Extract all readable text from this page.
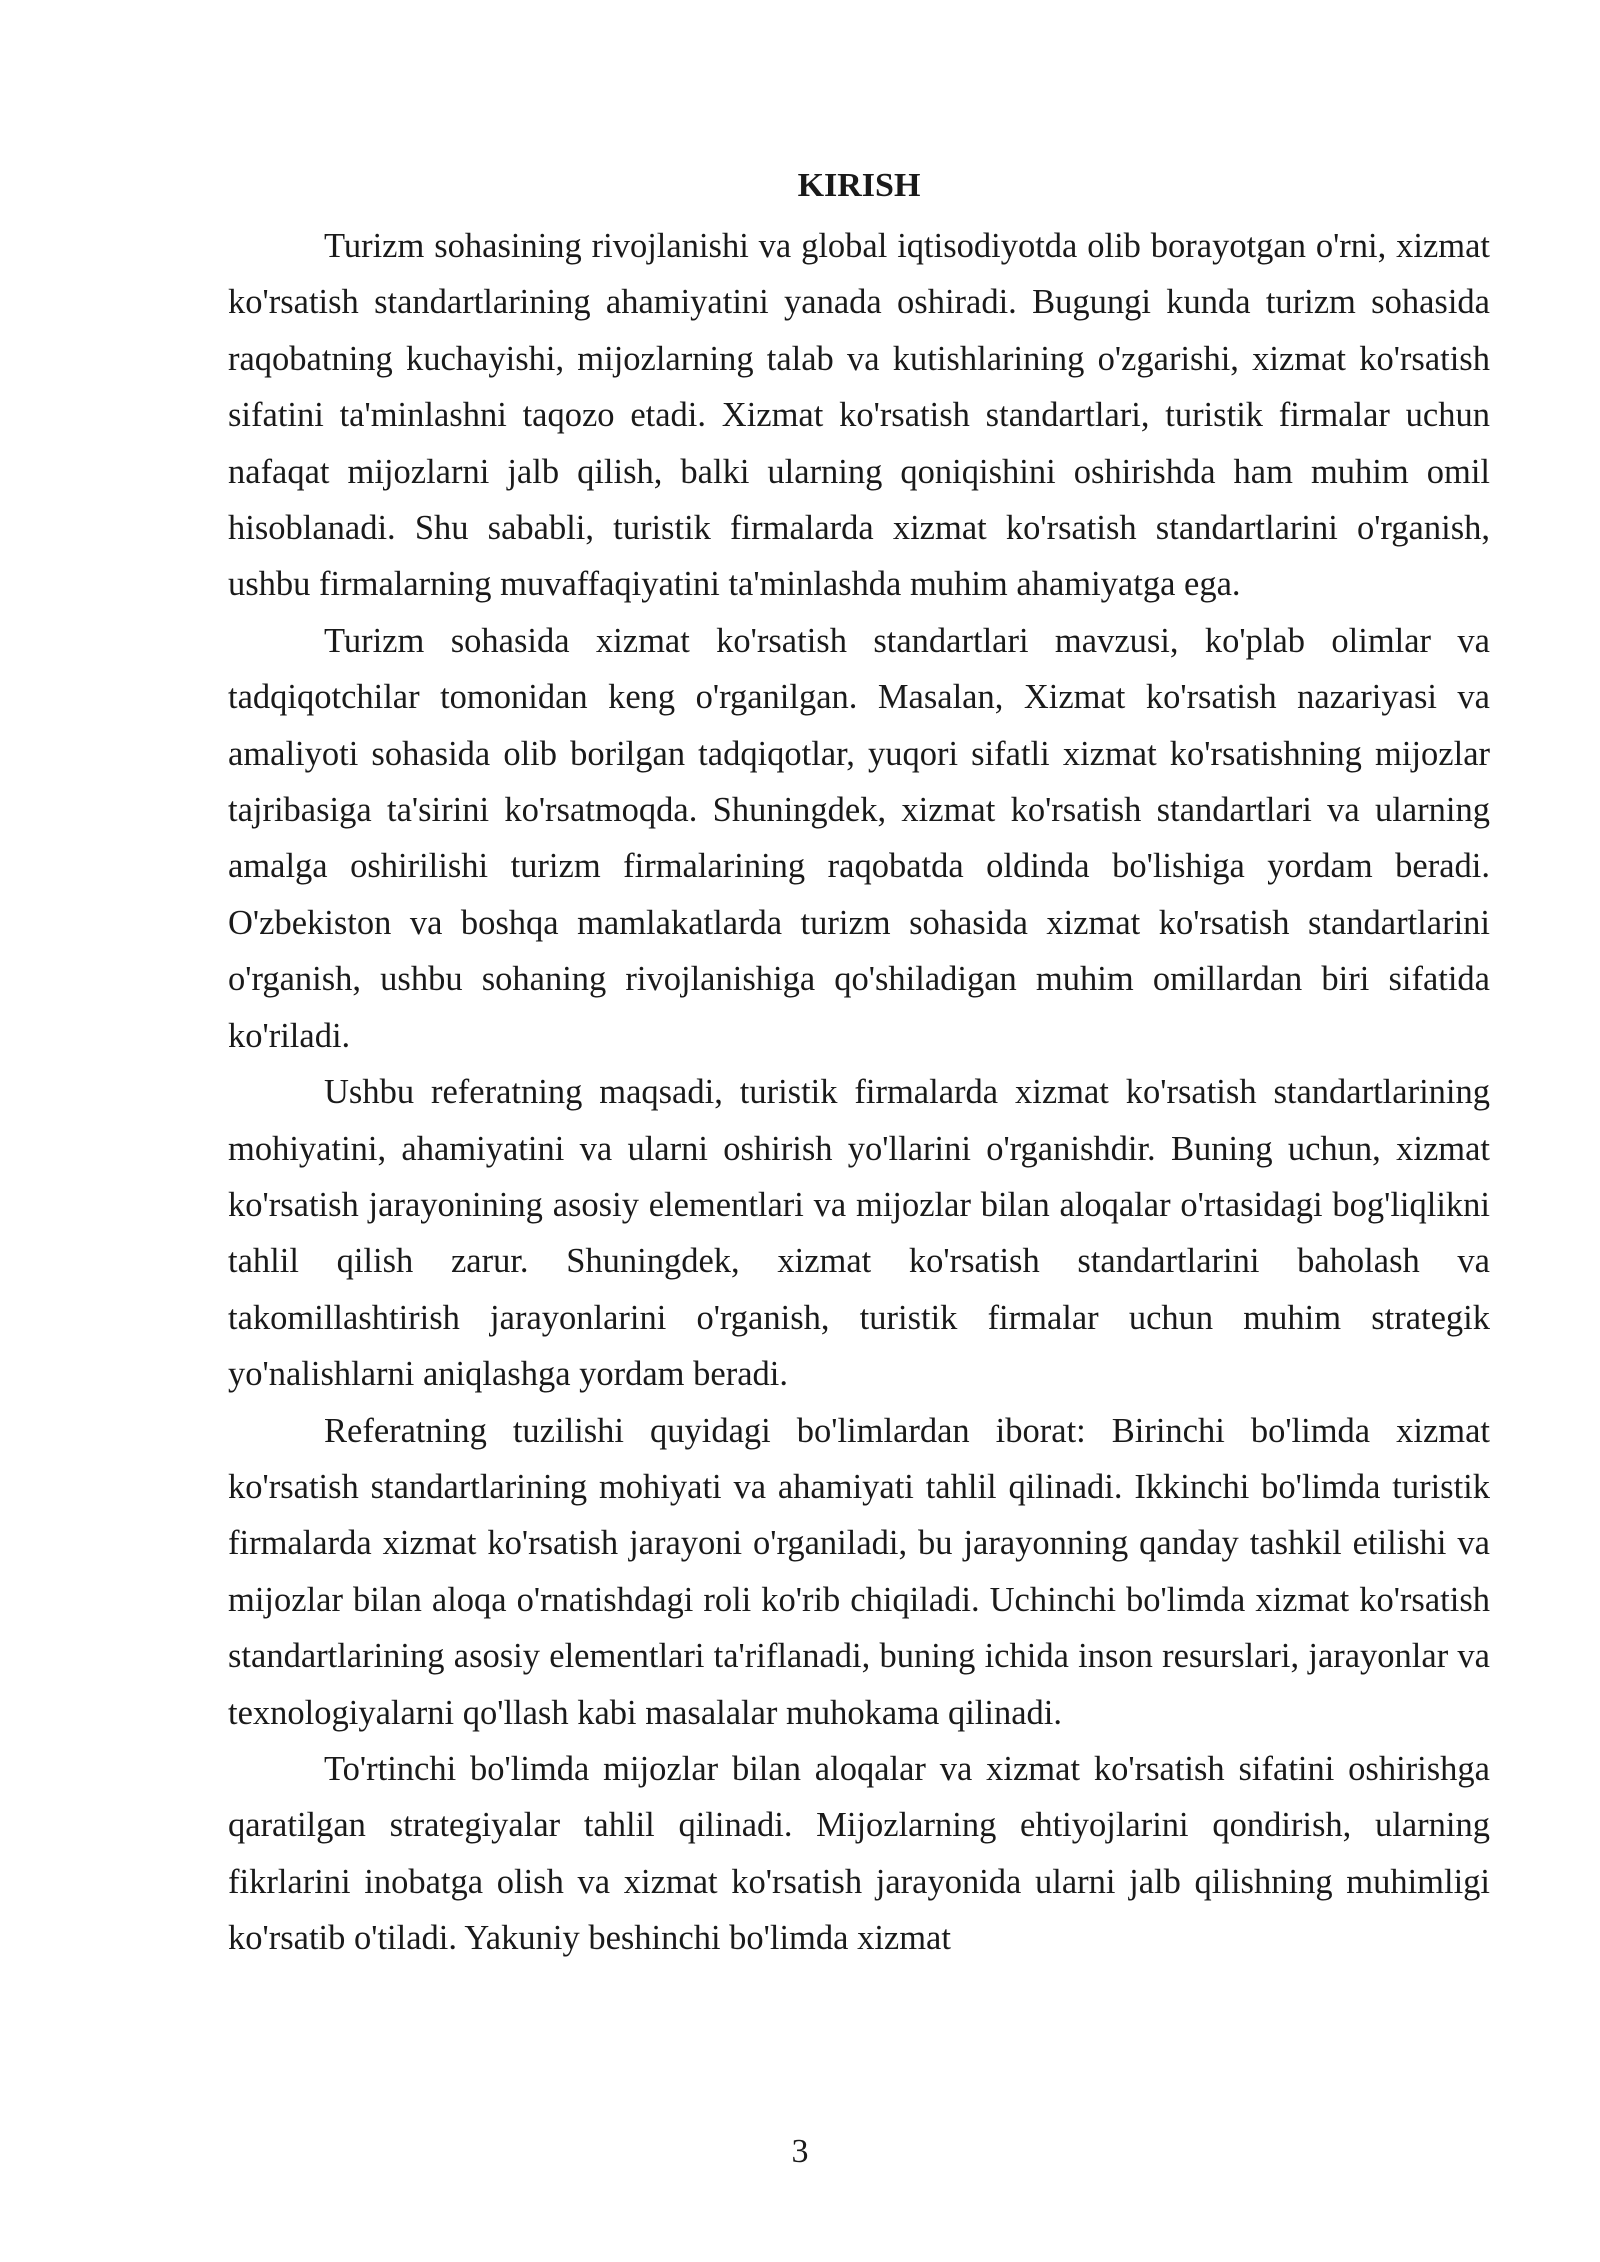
KIRISH

Turizm sohasining rivojlanishi va global iqtisodiyotda olib borayotgan o'rni, xizmat ko'rsatish standartlarining ahamiyatini yanada oshiradi. Bugungi kunda turizm sohasida raqobatning kuchayishi, mijozlarning talab va kutishlarining o'zgarishi, xizmat ko'rsatish sifatini ta'minlashni taqozo etadi. Xizmat ko'rsatish standartlari, turistik firmalar uchun nafaqat mijozlarni jalb qilish, balki ularning qoniqishini oshirishda ham muhim omil hisoblanadi. Shu sababli, turistik firmalarda xizmat ko'rsatish standartlarini o'rganish, ushbu firmalarning muvaffaqiyatini ta'minlashda muhim ahamiyatga ega.

Turizm sohasida xizmat ko'rsatish standartlari mavzusi, ko'plab olimlar va tadqiqotchilar tomonidan keng o'rganilgan. Masalan, Xizmat ko'rsatish nazariyasi va amaliyoti sohasida olib borilgan tadqiqotlar, yuqori sifatli xizmat ko'rsatishning mijozlar tajribasiga ta'sirini ko'rsatmoqda. Shuningdek, xizmat ko'rsatish standartlari va ularning amalga oshirilishi turizm firmalarining raqobatda oldinda bo'lishiga yordam beradi. O'zbekiston va boshqa mamlakatlarda turizm sohasida xizmat ko'rsatish standartlarini o'rganish, ushbu sohaning rivojlanishiga qo'shiladigan muhim omillardan biri sifatida ko'riladi.

Ushbu referatning maqsadi, turistik firmalarda xizmat ko'rsatish standartlarining mohiyatini, ahamiyatini va ularni oshirish yo'llarini o'rganishdir. Buning uchun, xizmat ko'rsatish jarayonining asosiy elementlari va mijozlar bilan aloqalar o'rtasidagi bog'liqlikni tahlil qilish zarur. Shuningdek, xizmat ko'rsatish standartlarini baholash va takomillashtirish jarayonlarini o'rganish, turistik firmalar uchun muhim strategik yo'nalishlarni aniqlashga yordam beradi.

Referatning tuzilishi quyidagi bo'limlardan iborat: Birinchi bo'limda xizmat ko'rsatish standartlarining mohiyati va ahamiyati tahlil qilinadi. Ikkinchi bo'limda turistik firmalarda xizmat ko'rsatish jarayoni o'rganiladi, bu jarayonning qanday tashkil etilishi va mijozlar bilan aloqa o'rnatishdagi roli ko'rib chiqiladi. Uchinchi bo'limda xizmat ko'rsatish standartlarining asosiy elementlari ta'riflanadi, buning ichida inson resurslari, jarayonlar va texnologiyalarni qo'llash kabi masalalar muhokama qilinadi.

To'rtinchi bo'limda mijozlar bilan aloqalar va xizmat ko'rsatish sifatini oshirishga qaratilgan strategiyalar tahlil qilinadi. Mijozlarning ehtiyojlarini qondirish, ularning fikrlarini inobatga olish va xizmat ko'rsatish jarayonida ularni jalb qilishning muhimligi ko'rsatib o'tiladi. Yakuniy beshinchi bo'limda xizmat

3
